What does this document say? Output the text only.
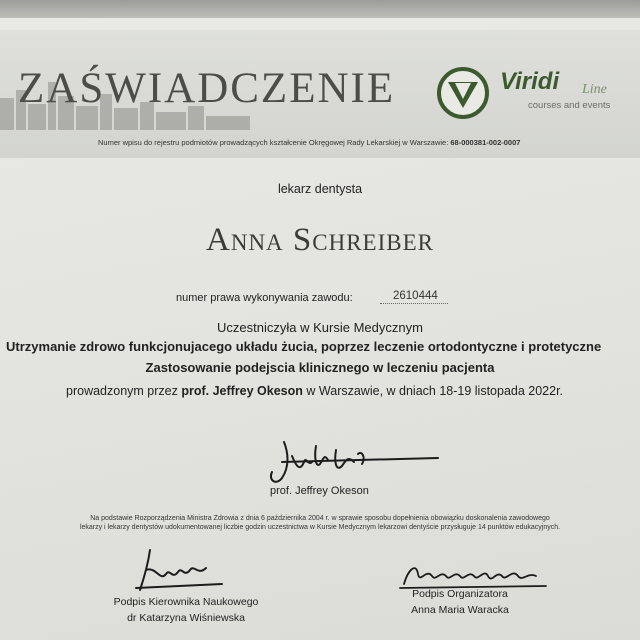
ZAŚWIADCZENIE	Viridi Line
courses and events
Numer wpisu do rejestru podmiotów prowadzących kształcenie Okręgowej Rady Lekarskiej w Warszawie: 68-000381-002-0007
lekarz dentysta
Anna Schreiber
numer prawa wykonywania zawodu:	2610444
Uczestniczyła w Kursie Medycznym
Utrzymanie zdrowo funkcjonujacego układu żucia, poprzez leczenie ortodontyczne i protetyczne
Zastosowanie podejscia klinicznego w leczeniu pacjenta
prowadzonym przez prof. Jeffrey Okeson w Warszawie, w dniach 18-19 listopada 2022r.
prof. Jeffrey Okeson
Na podstawie Rozporządzenia Ministra Zdrowia z dnia 6 października 2004 r. w sprawie sposobu dopełnienia obowiązku doskonalenia zawodowego
lekarzy i lekarzy dentystów udokumentowanej liczbie godzin uczestnictwa w Kursie Medycznym lekarzowi dentyście przysługuje 14 punktów edukacyjnych.
Podpis Kierownika Naukowego
dr Katarzyna Wiśniewska
Podpis Organizatora
Anna Maria Waracka
